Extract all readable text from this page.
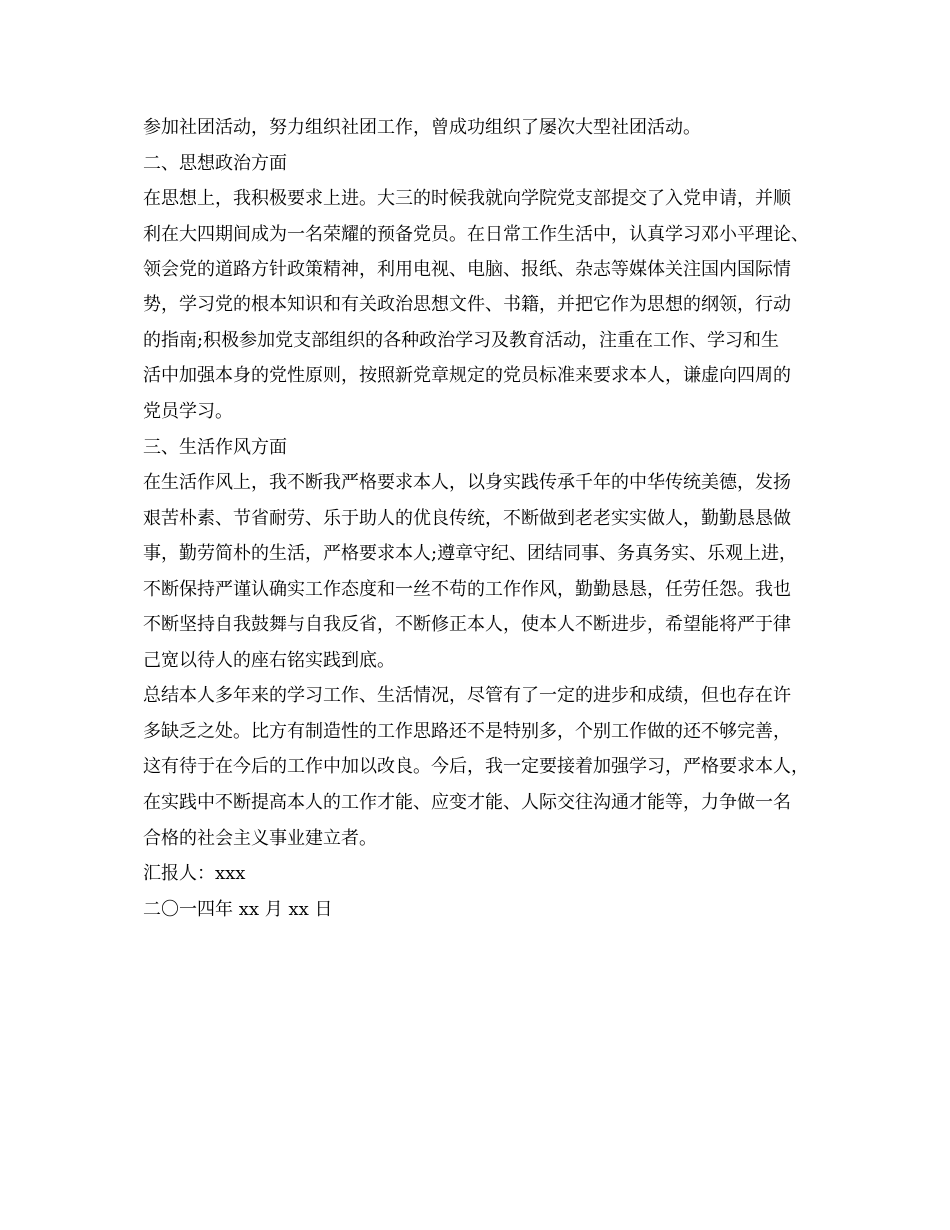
参加社团活动，努力组织社团工作，曾成功组织了屡次大型社团活动。
二、思想政治方面
在思想上，我积极要求上进。大三的时候我就向学院党支部提交了入党申请，并顺
利在大四期间成为一名荣耀的预备党员。在日常工作生活中，认真学习邓小平理论、
领会党的道路方针政策精神，利用电视、电脑、报纸、杂志等媒体关注国内国际情
势，学习党的根本知识和有关政治思想文件、书籍，并把它作为思想的纲领，行动
的指南;积极参加党支部组织的各种政治学习及教育活动，注重在工作、学习和生
活中加强本身的党性原则，按照新党章规定的党员标准来要求本人，谦虚向四周的
党员学习。
三、生活作风方面
在生活作风上，我不断我严格要求本人，以身实践传承千年的中华传统美德，发扬
艰苦朴素、节省耐劳、乐于助人的优良传统，不断做到老老实实做人，勤勤恳恳做
事，勤劳简朴的生活，严格要求本人;遵章守纪、团结同事、务真务实、乐观上进，
不断保持严谨认确实工作态度和一丝不苟的工作作风，勤勤恳恳，任劳任怨。我也
不断坚持自我鼓舞与自我反省，不断修正本人，使本人不断进步，希望能将严于律
己宽以待人的座右铭实践到底。
总结本人多年来的学习工作、生活情况，尽管有了一定的进步和成绩，但也存在许
多缺乏之处。比方有制造性的工作思路还不是特别多，个别工作做的还不够完善，
这有待于在今后的工作中加以改良。今后，我一定要接着加强学习，严格要求本人，
在实践中不断提高本人的工作才能、应变才能、人际交往沟通才能等，力争做一名
合格的社会主义事业建立者。
汇报人：xxx
二〇一四年 xx 月 xx 日
